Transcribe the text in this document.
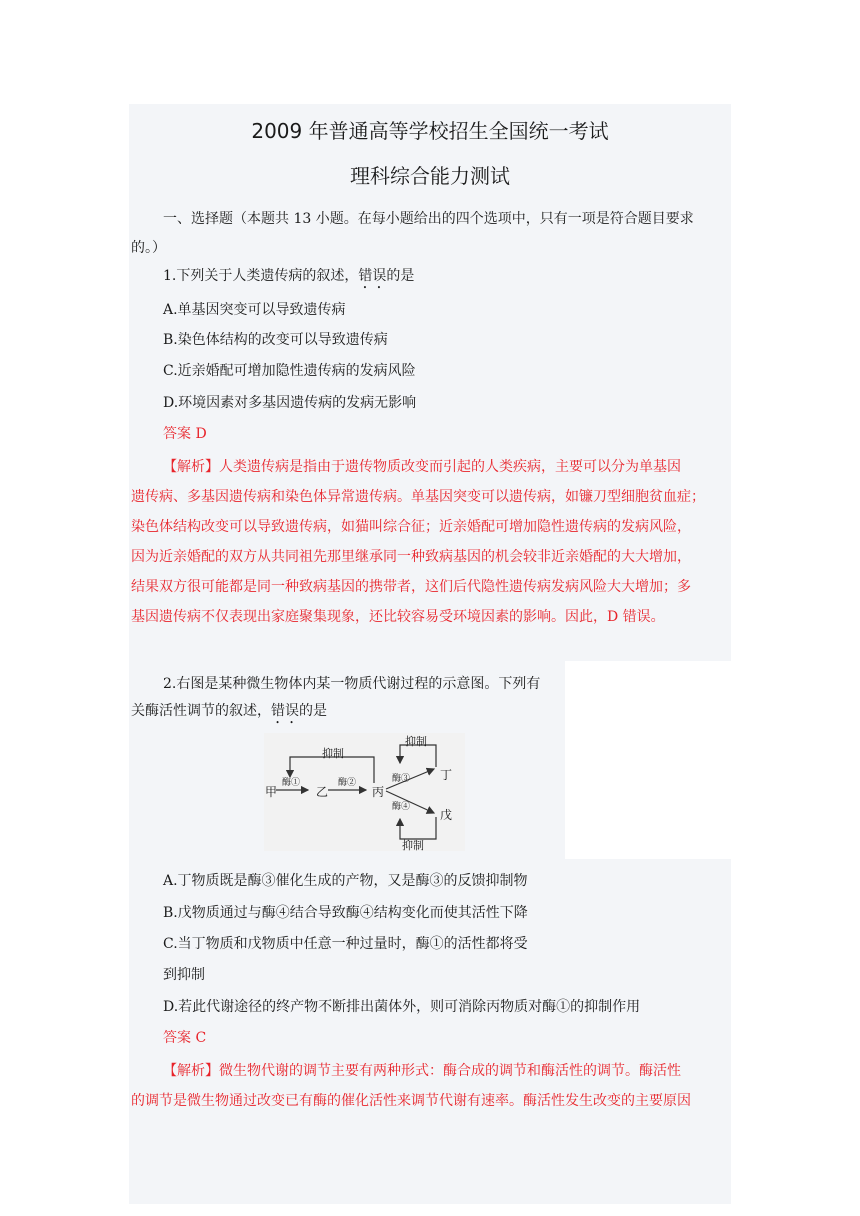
2009 年普通高等学校招生全国统一考试
理科综合能力测试
一、选择题（本题共 13 小题。在每小题给出的四个选项中，只有一项是符合题目要求
的。）
1.下列关于人类遗传病的叙述，错误的是
A.单基因突变可以导致遗传病
B.染色体结构的改变可以导致遗传病
C.近亲婚配可增加隐性遗传病的发病风险
D.环境因素对多基因遗传病的发病无影响
答案 D
【解析】人类遗传病是指由于遗传物质改变而引起的人类疾病，主要可以分为单基因
遗传病、多基因遗传病和染色体异常遗传病。单基因突变可以遗传病，如镰刀型细胞贫血症；
染色体结构改变可以导致遗传病，如猫叫综合征；近亲婚配可增加隐性遗传病的发病风险，
因为近亲婚配的双方从共同祖先那里继承同一种致病基因的机会较非近亲婚配的大大增加，
结果双方很可能都是同一种致病基因的携带者，这们后代隐性遗传病发病风险大大增加；多
基因遗传病不仅表现出家庭聚集现象，还比较容易受环境因素的影响。因此，D 错误。
2.右图是某种微生物体内某一物质代谢过程的示意图。下列有
关酶活性调节的叙述，错误的是
抑制
抑制
抑制
甲	乙	丙
丁
戊
酶①	酶②	酶③
酶④
A.丁物质既是酶③催化生成的产物，又是酶③的反馈抑制物
B.戊物质通过与酶④结合导致酶④结构变化而使其活性下降
C.当丁物质和戊物质中任意一种过量时，酶①的活性都将受
到抑制
D.若此代谢途径的终产物不断排出菌体外，则可消除丙物质对酶①的抑制作用
答案 C
【解析】微生物代谢的调节主要有两种形式：酶合成的调节和酶活性的调节。酶活性
的调节是微生物通过改变已有酶的催化活性来调节代谢有速率。酶活性发生改变的主要原因
